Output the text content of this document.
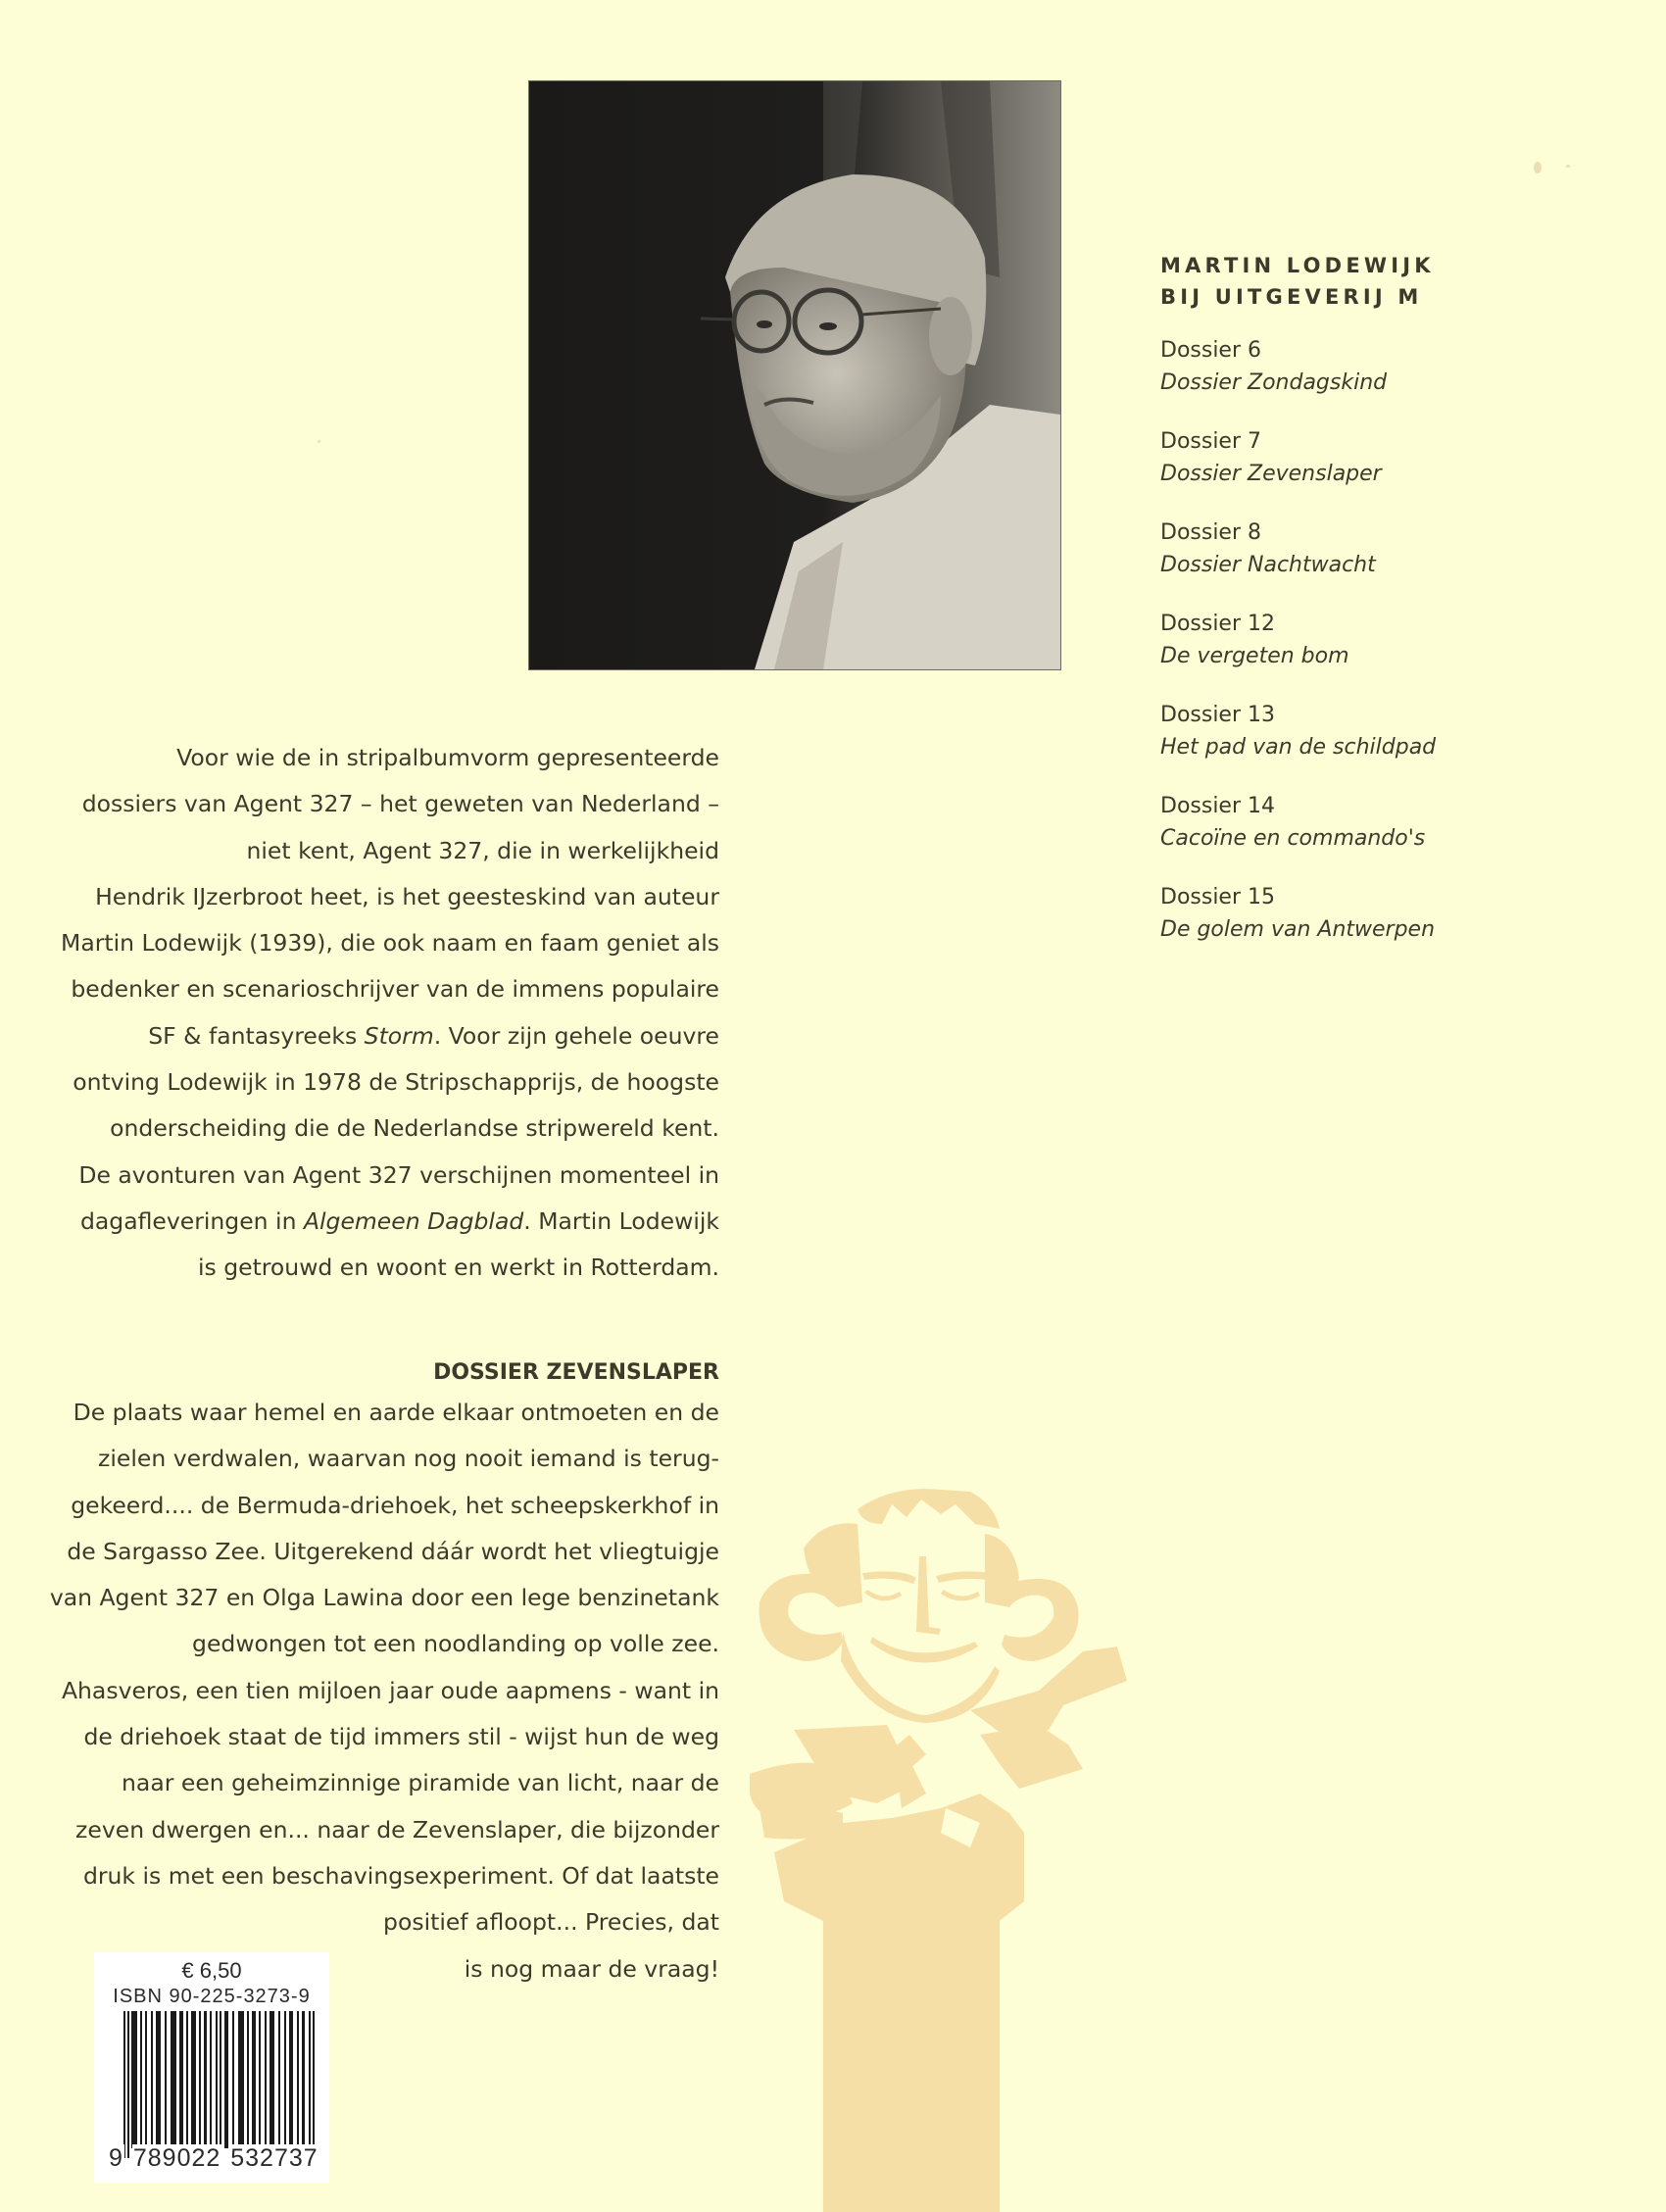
MARTIN LODEWIJK
BIJ UITGEVERIJ M
Dossier 6
Dossier Zondagskind
Dossier 7
Dossier Zevenslaper
Dossier 8
Dossier Nachtwacht
Dossier 12
De vergeten bom
Dossier 13
Het pad van de schildpad
Dossier 14
Cacoïne en commando's
Dossier 15
De golem van Antwerpen
Voor wie de in stripalbumvorm gepresenteerde
dossiers van Agent 327 – het geweten van Nederland –
niet kent, Agent 327, die in werkelijkheid
Hendrik IJzerbroot heet, is het geesteskind van auteur
Martin Lodewijk (1939), die ook naam en faam geniet als
bedenker en scenarioschrijver van de immens populaire
SF & fantasyreeks Storm. Voor zijn gehele oeuvre
ontving Lodewijk in 1978 de Stripschapprijs, de hoogste
onderscheiding die de Nederlandse stripwereld kent.
De avonturen van Agent 327 verschijnen momenteel in
dagafleveringen in Algemeen Dagblad. Martin Lodewijk
is getrouwd en woont en werkt in Rotterdam.
DOSSIER ZEVENSLAPER
De plaats waar hemel en aarde elkaar ontmoeten en de
zielen verdwalen, waarvan nog nooit iemand is terug-
gekeerd.... de Bermuda-driehoek, het scheepskerkhof in
de Sargasso Zee. Uitgerekend dáár wordt het vliegtuigje
van Agent 327 en Olga Lawina door een lege benzinetank
gedwongen tot een noodlanding op volle zee.
Ahasveros, een tien mijloen jaar oude aapmens - want in
de driehoek staat de tijd immers stil - wijst hun de weg
naar een geheimzinnige piramide van licht, naar de
zeven dwergen en... naar de Zevenslaper, die bijzonder
druk is met een beschavingsexperiment. Of dat laatste
positief afloopt... Precies, dat
is nog maar de vraag!
€ 6,50
ISBN 90-225-3273-9
9 789022 532737
